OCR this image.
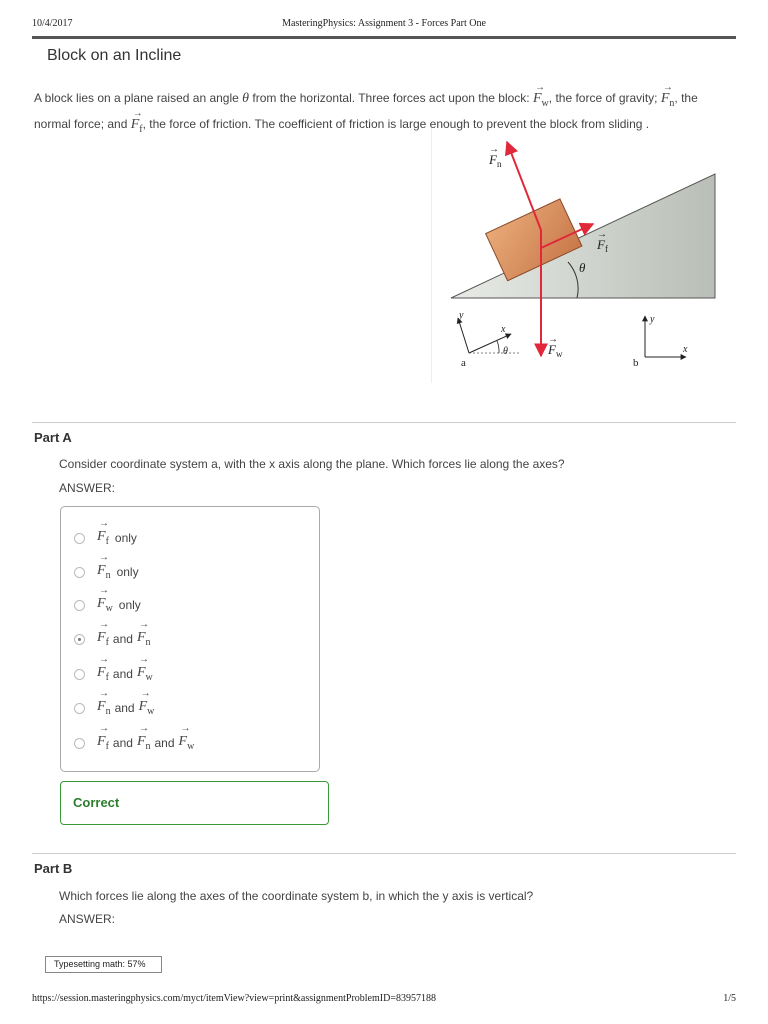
10/4/2017	MasteringPhysics: Assignment 3 - Forces Part One
Block on an Incline
A block lies on a plane raised an angle θ from the horizontal. Three forces act upon the block: → $F_w$, the force of gravity; → $F_n$, the normal force; and → $F_f$, the force of friction. The coefficient of friction is large enough to prevent the block from sliding .
$F_n$
→
$F_f$
→
$F_w$
→
θ
y
x
a
θ
y
x
b
Part A
Consider coordinate system a, with the x axis along the plane. Which forces lie along the axes?
ANSWER:
→ $F_f$ only
→ $F_n$ only
→ $F_w$ only
→ $F_f$ and → $F_n$
→ $F_f$ and → $F_w$
→ $F_n$ and → $F_w$
→ $F_f$ and → $F_n$ and → $F_w$
Correct
Part B
Which forces lie along the axes of the coordinate system b, in which the y axis is vertical?
ANSWER:
Typesetting math: 57%
https://session.masteringphysics.com/myct/itemView?view=print&assignmentProblemID=83957188	1/5
